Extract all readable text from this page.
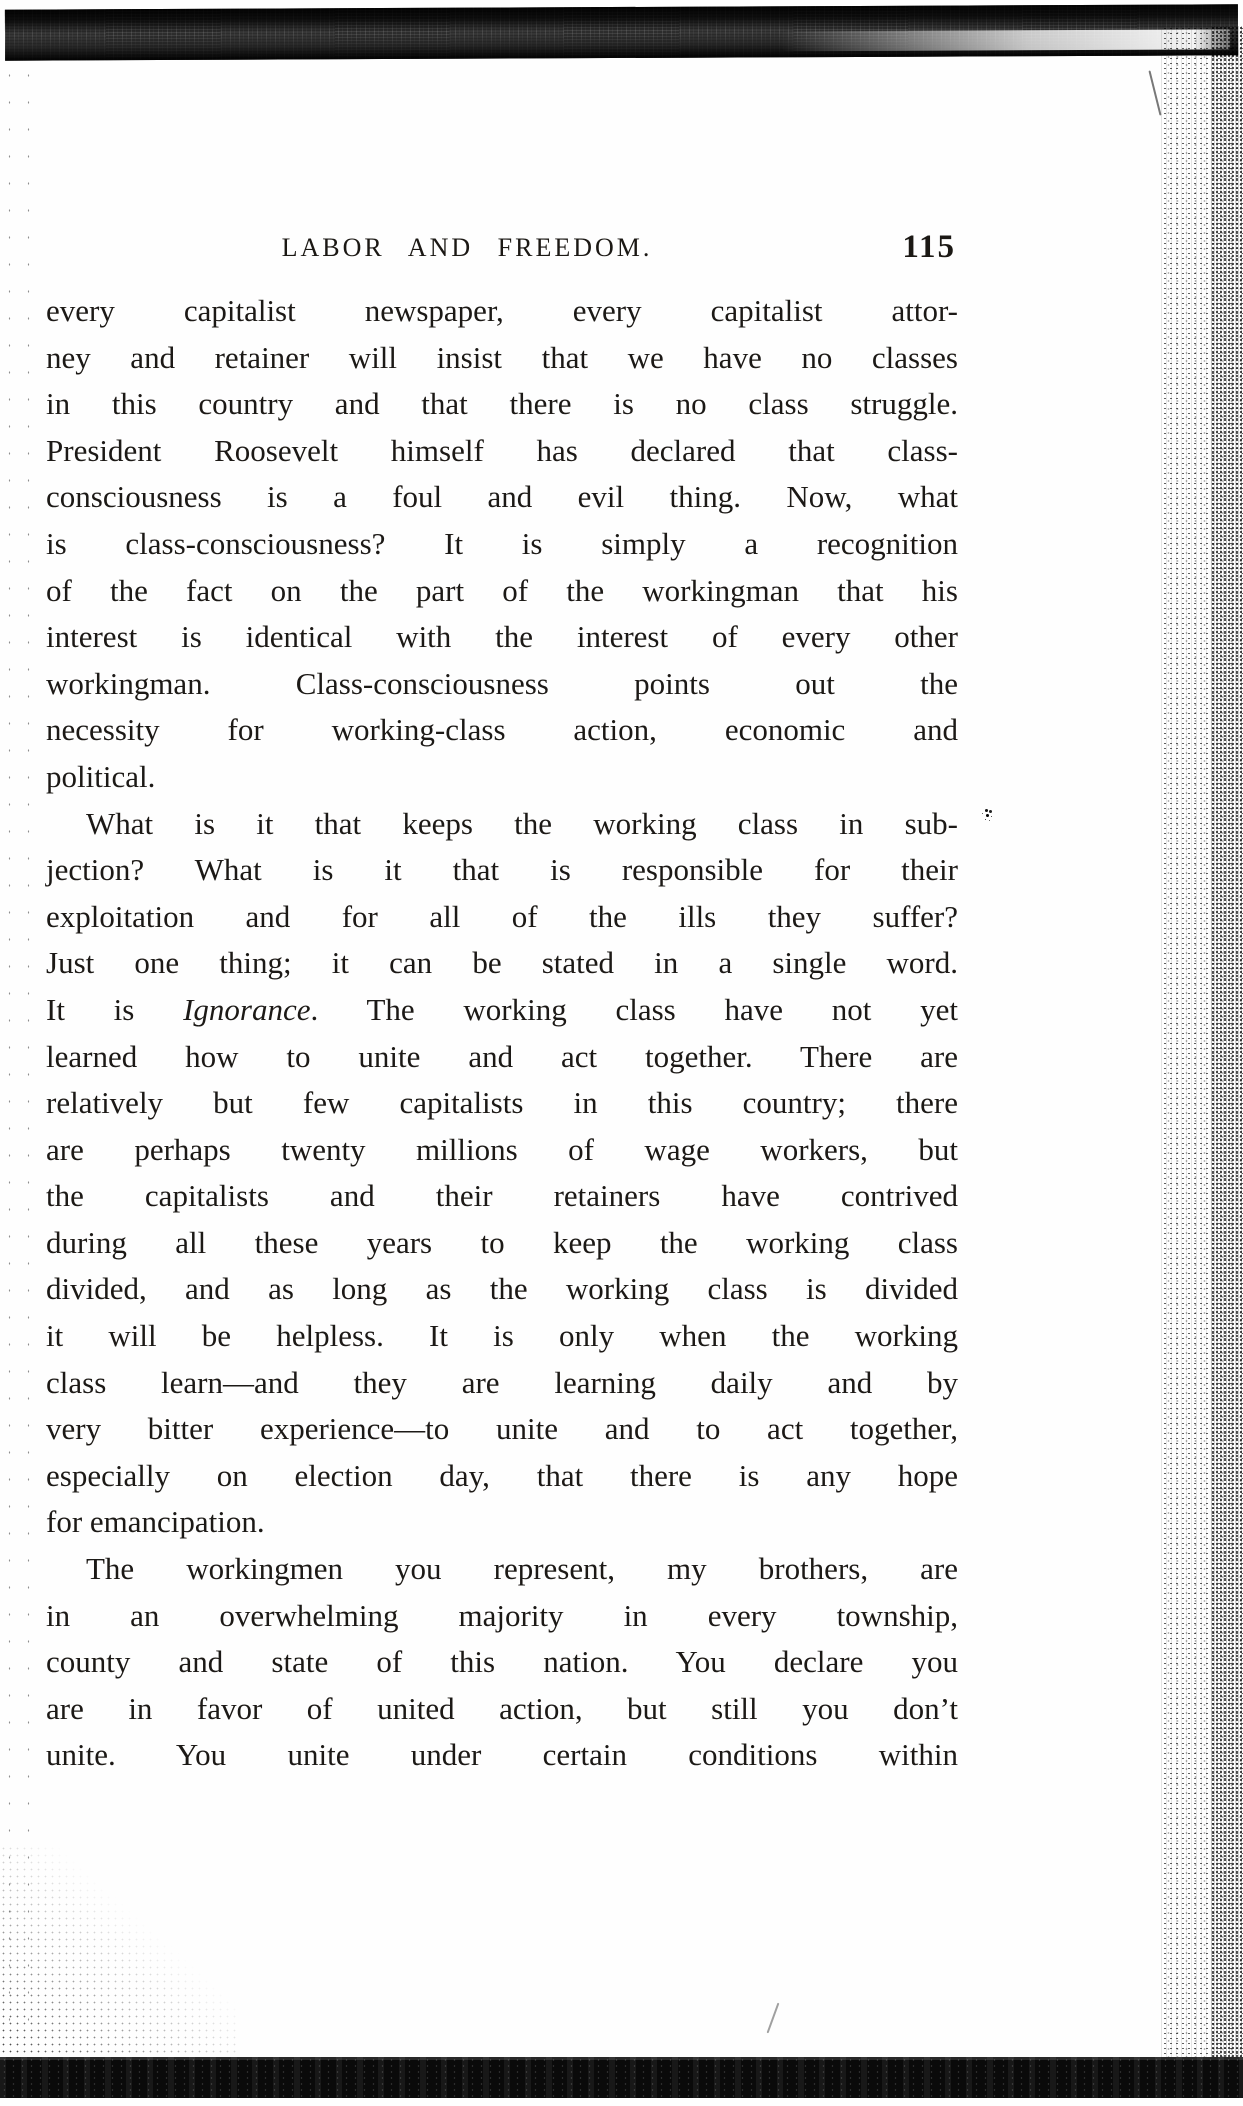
LABOR AND FREEDOM.	115
every capitalist newspaper, every capitalist attor-
ney and retainer will insist that we have no classes
in this country and that there is no class struggle.
President Roosevelt himself has declared that class-
consciousness is a foul and evil thing. Now, what
is class-consciousness? It is simply a recognition
of the fact on the part of the workingman that his
interest is identical with the interest of every other
workingman. Class-consciousness points out the
necessity for working-class action, economic and
political.
What is it that keeps the working class in sub-
jection? What is it that is responsible for their
exploitation and for all of the ills they suffer?
Just one thing; it can be stated in a single word.
It is Ignorance. The working class have not yet
learned how to unite and act together. There are
relatively but few capitalists in this country; there
are perhaps twenty millions of wage workers, but
the capitalists and their retainers have contrived
during all these years to keep the working class
divided, and as long as the working class is divided
it will be helpless. It is only when the working
class learn—and they are learning daily and by
very bitter experience—to unite and to act together,
especially on election day, that there is any hope
for emancipation.
The workingmen you represent, my brothers, are
in an overwhelming majority in every township,
county and state of this nation. You declare you
are in favor of united action, but still you don’t
unite. You unite under certain conditions within
